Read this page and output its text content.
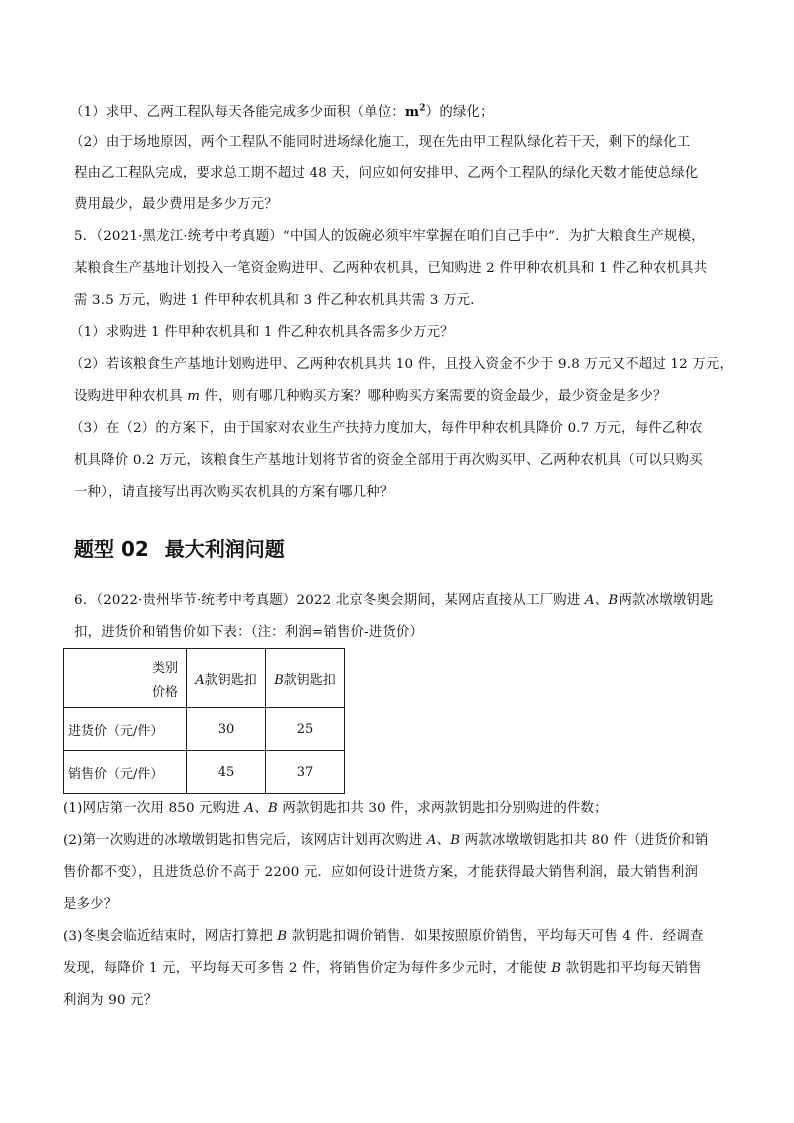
（1）求甲、乙两工程队每天各能完成多少面积（单位：$m^2$）的绿化；
（2）由于场地原因，两个工程队不能同时进场绿化施工，现在先由甲工程队绿化若干天，剩下的绿化工
程由乙工程队完成，要求总工期不超过 48 天，问应如何安排甲、乙两个工程队的绿化天数才能使总绿化
费用最少，最少费用是多少万元？
5．（2021·黑龙江·统考中考真题）“中国人的饭碗必须牢牢掌握在咱们自己手中”．为扩大粮食生产规模，
某粮食生产基地计划投入一笔资金购进甲、乙两种农机具，已知购进 2 件甲种农机具和 1 件乙种农机具共
需 3.5 万元，购进 1 件甲种农机具和 3 件乙种农机具共需 3 万元．
（1）求购进 1 件甲种农机具和 1 件乙种农机具各需多少万元？
（2）若该粮食生产基地计划购进甲、乙两种农机具共 10 件，且投入资金不少于 9.8 万元又不超过 12 万元，
设购进甲种农机具 m 件，则有哪几种购买方案？哪种购买方案需要的资金最少，最少资金是多少？
（3）在（2）的方案下，由于国家对农业生产扶持力度加大，每件甲种农机具降价 0.7 万元，每件乙种农
机具降价 0.2 万元，该粮食生产基地计划将节省的资金全部用于再次购买甲、乙两种农机具（可以只购买
一种），请直接写出再次购买农机具的方案有哪几种？
题型 02 最大利润问题
6．（2022·贵州毕节·统考中考真题）2022 北京冬奥会期间，某网店直接从工厂购进 A、B两款冰墩墩钥匙
扣，进货价和销售价如下表：（注：利润=销售价-进货价）
类别
价格	A款钥匙扣	B款钥匙扣
进货价（元/件）	30	25
销售价（元/件）	45	37
(1)网店第一次用 850 元购进 A、B 两款钥匙扣共 30 件，求两款钥匙扣分别购进的件数；
(2)第一次购进的冰墩墩钥匙扣售完后，该网店计划再次购进 A、B 两款冰墩墩钥匙扣共 80 件（进货价和销
售价都不变），且进货总价不高于 2200 元．应如何设计进货方案，才能获得最大销售利润，最大销售利润
是多少？
(3)冬奥会临近结束时，网店打算把 B 款钥匙扣调价销售．如果按照原价销售，平均每天可售 4 件．经调查
发现，每降价 1 元，平均每天可多售 2 件，将销售价定为每件多少元时，才能使 B 款钥匙扣平均每天销售
利润为 90 元？
